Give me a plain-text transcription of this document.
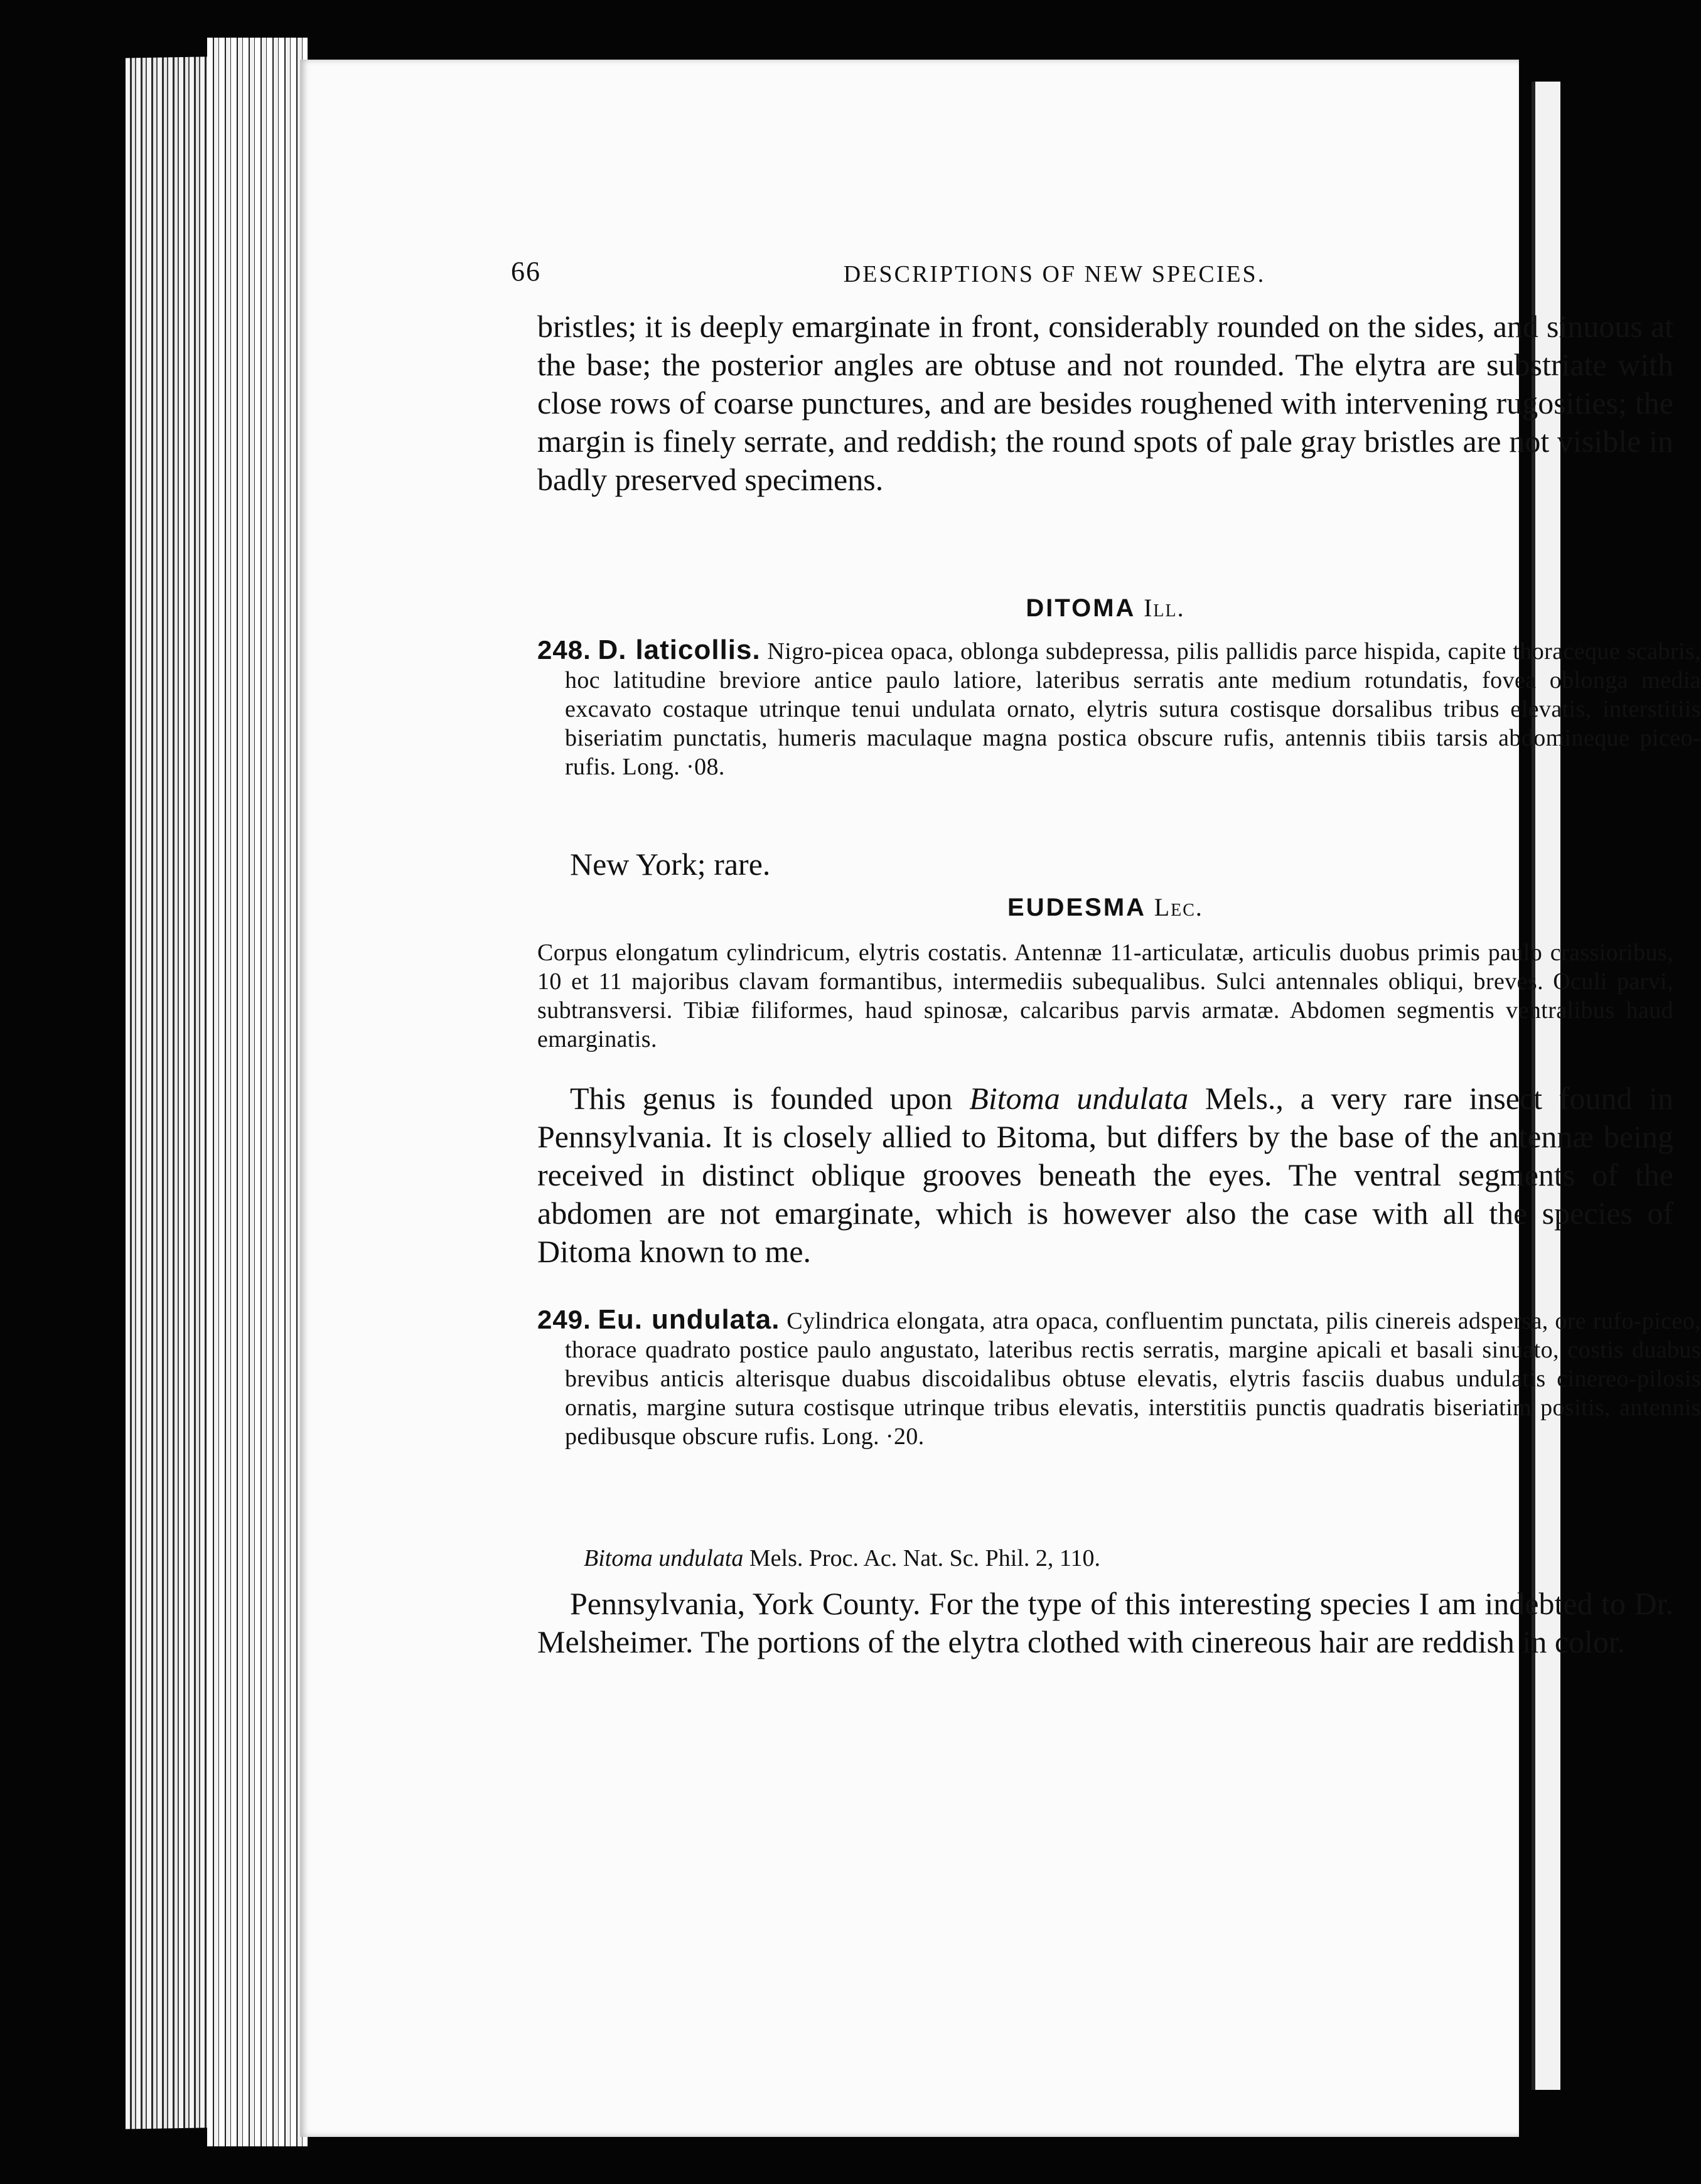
66	DESCRIPTIONS OF NEW SPECIES.

bristles; it is deeply emarginate in front, considerably rounded on the sides, and sinuous at the base; the posterior angles are obtuse and not rounded. The elytra are substriate with close rows of coarse punctures, and are besides roughened with intervening rugosities; the margin is finely serrate, and reddish; the round spots of pale gray bristles are not visible in badly preserved specimens.

DITOMA Ill.

248. D. laticollis. Nigro-picea opaca, oblonga subdepressa, pilis pallidis parce hispida, capite thoraceque scabris, hoc latitudine breviore antice paulo latiore, lateribus serratis ante medium rotundatis, fovea oblonga media excavato costaque utrinque tenui undulata ornato, elytris sutura costisque dorsalibus tribus elevatis, interstitiis biseriatim punctatis, humeris maculaque magna postica obscure rufis, antennis tibiis tarsis abdomineque piceo-rufis. Long. ·08.

New York; rare.
EUDESMA Lec.

Corpus elongatum cylindricum, elytris costatis. Antennæ 11-articulatæ, articulis duobus primis paulo crassioribus, 10 et 11 majoribus clavam formantibus, intermediis subequalibus. Sulci antennales obliqui, breves. Oculi parvi, subtransversi. Tibiæ filiformes, haud spinosæ, calcaribus parvis armatæ. Abdomen segmentis ventralibus haud emarginatis.

This genus is founded upon Bitoma undulata Mels., a very rare insect found in Pennsylvania. It is closely allied to Bitoma, but differs by the base of the antennæ being received in distinct oblique grooves beneath the eyes. The ventral segments of the abdomen are not emarginate, which is however also the case with all the species of Ditoma known to me.

249. Eu. undulata. Cylindrica elongata, atra opaca, confluentim punctata, pilis cinereis adspersa, ore rufo-piceo, thorace quadrato postice paulo angustato, lateribus rectis serratis, margine apicali et basali sinuato, costis duabus brevibus anticis alterisque duabus discoidalibus obtuse elevatis, elytris fasciis duabus undulatis cinereo-pilosis ornatis, margine sutura costisque utrinque tribus elevatis, interstitiis punctis quadratis biseriatim positis, antennis pedibusque obscure rufis. Long. ·20.

Bitoma undulata Mels. Proc. Ac. Nat. Sc. Phil. 2, 110.

Pennsylvania, York County. For the type of this interesting species I am indebted to Dr. Melsheimer. The portions of the elytra clothed with cinereous hair are reddish in color.
